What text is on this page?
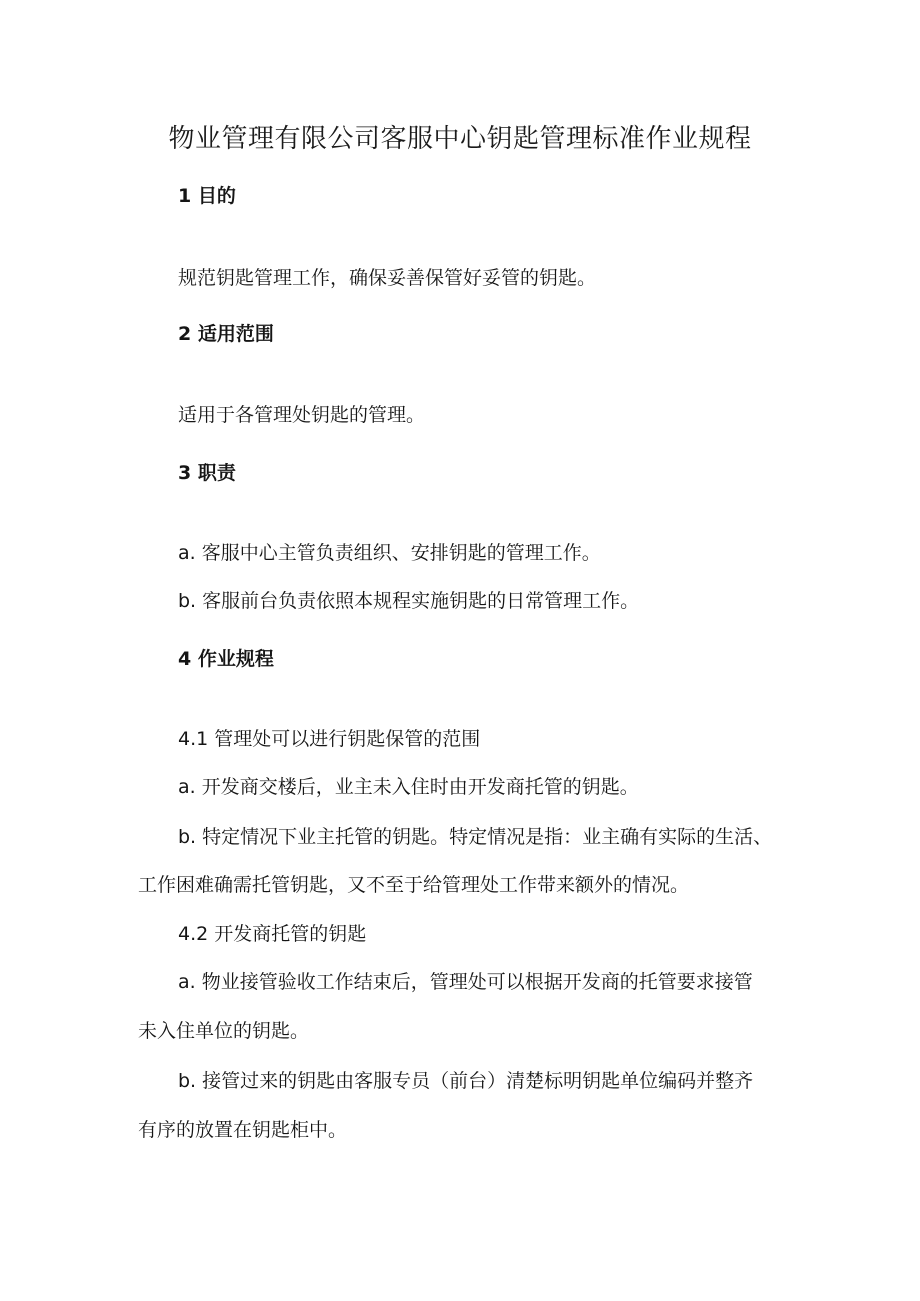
物业管理有限公司客服中心钥匙管理标准作业规程
1 目的
规范钥匙管理工作，确保妥善保管好妥管的钥匙。
2 适用范围
适用于各管理处钥匙的管理。
3 职责
a. 客服中心主管负责组织、安排钥匙的管理工作。
b. 客服前台负责依照本规程实施钥匙的日常管理工作。
4 作业规程
4.1 管理处可以进行钥匙保管的范围
a. 开发商交楼后，业主未入住时由开发商托管的钥匙。
b. 特定情况下业主托管的钥匙。特定情况是指：业主确有实际的生活、
工作困难确需托管钥匙，又不至于给管理处工作带来额外的情况。
4.2 开发商托管的钥匙
a. 物业接管验收工作结束后，管理处可以根据开发商的托管要求接管
未入住单位的钥匙。
b. 接管过来的钥匙由客服专员（前台）清楚标明钥匙单位编码并整齐
有序的放置在钥匙柜中。
